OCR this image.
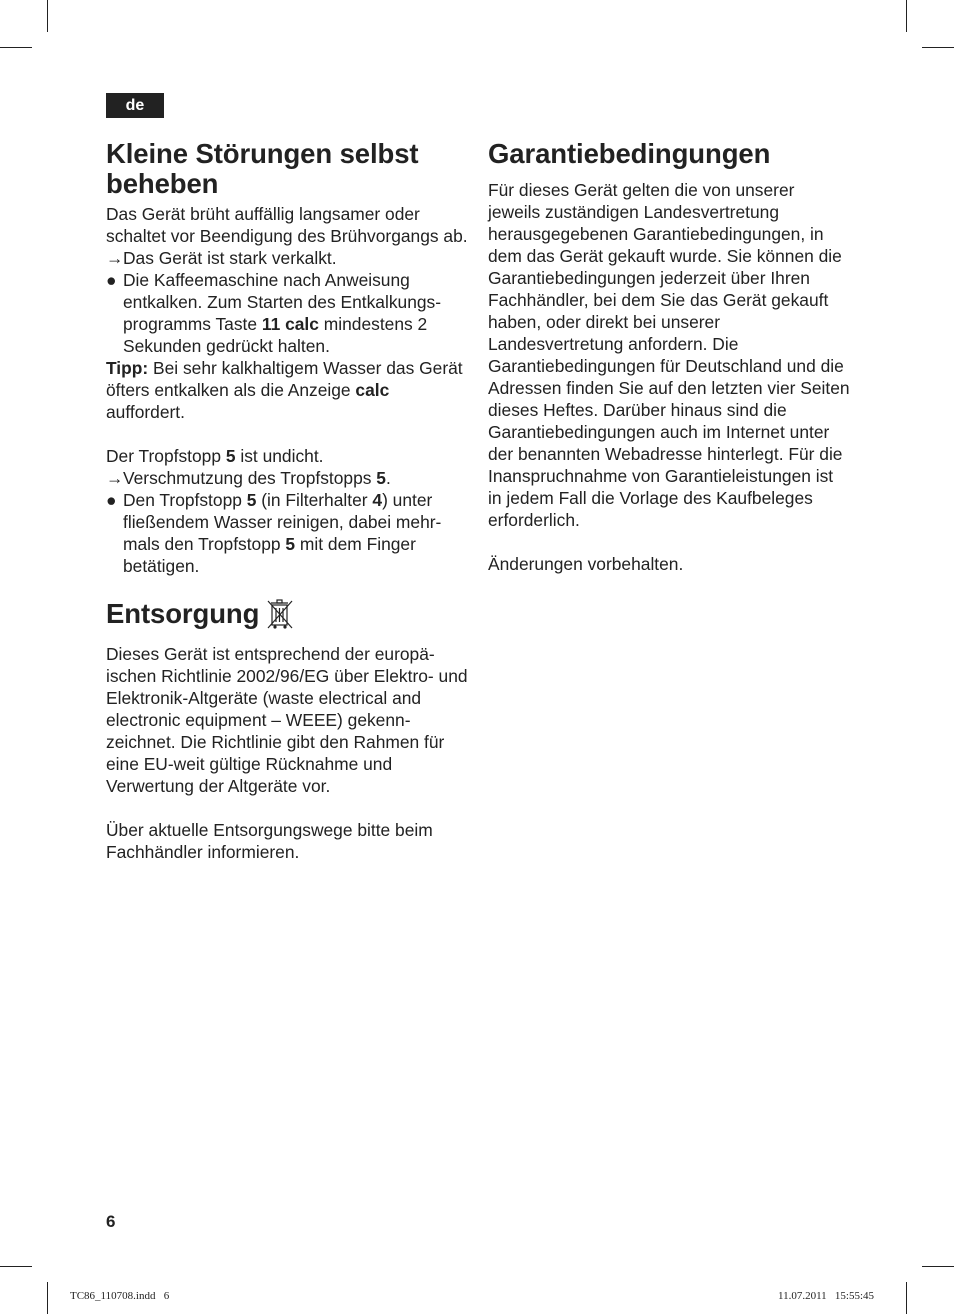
de
Kleine Störungen selbst beheben

Das Gerät brüht auffällig langsamer oder schaltet vor Beendigung des Brühvorgangs ab.

→ Das Gerät ist stark verkalkt.
● Die Kaffeemaschine nach Anweisung entkalken. Zum Starten des Entkalkungsprogramms Taste 11 calc mindestens 2 Sekunden gedrückt halten.

Tipp: Bei sehr kalkhaltigem Wasser das Gerät öfters entkalken als die Anzeige calc auffordert.

Der Tropfstopp 5 ist undicht.

→ Verschmutzung des Tropfstopps 5.
● Den Tropfstopp 5 (in Filterhalter 4) unter fließendem Wasser reinigen, dabei mehrmals den Tropfstopp 5 mit dem Finger betätigen.
Entsorgung

Dieses Gerät ist entsprechend der europäischen Richtlinie 2002/96/EG über Elektro- und Elektronik-Altgeräte (waste electrical and electronic equipment – WEEE) gekennzeichnet. Die Richtlinie gibt den Rahmen für eine EU-weit gültige Rücknahme und Verwertung der Altgeräte vor.

Über aktuelle Entsorgungswege bitte beim Fachhändler informieren.

Garantiebedingungen

Für dieses Gerät gelten die von unserer jeweils zuständigen Landesvertretung herausgegebenen Garantiebedingungen, in dem das Gerät gekauft wurde. Sie können die Garantiebedingungen jederzeit über Ihren Fachhändler, bei dem Sie das Gerät gekauft haben, oder direkt bei unserer Landesvertretung anfordern. Die Garantiebedingungen für Deutschland und die Adressen finden Sie auf den letzten vier Seiten dieses Heftes. Darüber hinaus sind die Garantiebedingungen auch im Internet unter der benannten Webadresse hinterlegt. Für die Inanspruchnahme von Garantieleistungen ist in jedem Fall die Vorlage des Kaufbeleges erforderlich.

Änderungen vorbehalten.

6
TC86_110708.indd   6	11.07.2011   15:55:45
